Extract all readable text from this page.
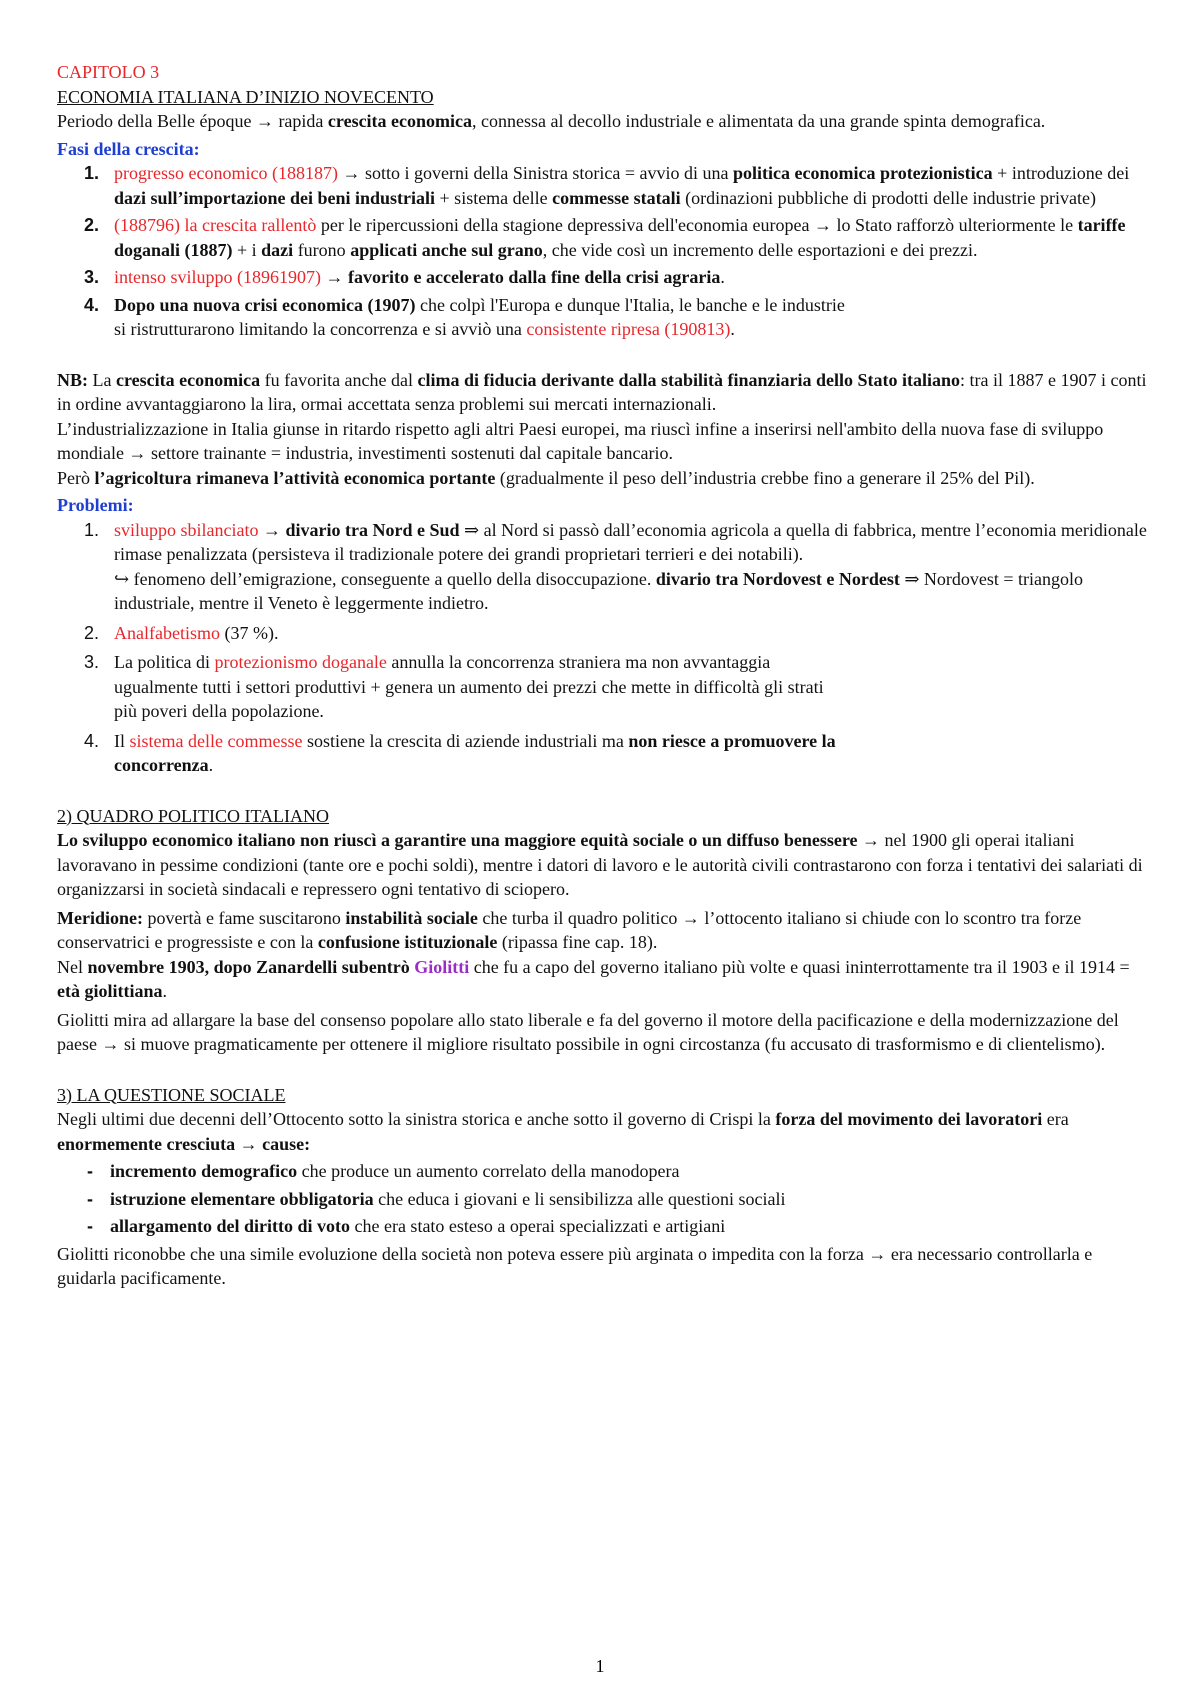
CAPITOLO 3

ECONOMIA ITALIANA D’INIZIO NOVECENTO

Periodo della Belle époque → rapida crescita economica, connessa al decollo industriale e alimentata da una grande spinta demografica.

Fasi della crescita:

1. progresso economico (188187) → sotto i governi della Sinistra storica = avvio di una politica economica protezionistica + introduzione dei dazi sull’importazione dei beni industriali + sistema delle commesse statali (ordinazioni pubbliche di prodotti delle industrie private)
2. (188796) la crescita rallentò per le ripercussioni della stagione depressiva dell'economia europea → lo Stato rafforzò ulteriormente le tariffe doganali (1887) + i dazi furono applicati anche sul grano, che vide così un incremento delle esportazioni e dei prezzi.
3. intenso sviluppo (18961907) → favorito e accelerato dalla fine della crisi agraria.
4. Dopo una nuova crisi economica (1907) che colpì l'Europa e dunque l'Italia, le banche e le industrie si ristrutturarono limitando la concorrenza e si avviò una consistente ripresa (190813).

NB: La crescita economica fu favorita anche dal clima di fiducia derivante dalla stabilità finanziaria dello Stato italiano: tra il 1887 e 1907 i conti in ordine avvantaggiarono la lira, ormai accettata senza problemi sui mercati internazionali.

L’industrializzazione in Italia giunse in ritardo rispetto agli altri Paesi europei, ma riuscì infine a inserirsi nell'ambito della nuova fase di sviluppo mondiale → settore trainante = industria, investimenti sostenuti dal capitale bancario.

Però l’agricoltura rimaneva l’attività economica portante (gradualmente il peso dell’industria crebbe fino a generare il 25% del Pil).

Problemi:

1. sviluppo sbilanciato → divario tra Nord e Sud ⇒ al Nord si passò dall’economia agricola a quella di fabbrica, mentre l’economia meridionale rimase penalizzata (persisteva il tradizionale potere dei grandi proprietari terrieri e dei notabili).
↪ fenomeno dell’emigrazione, conseguente a quello della disoccupazione. divario tra Nordovest e Nordest ⇒ Nordovest = triangolo industriale, mentre il Veneto è leggermente indietro.
2. Analfabetismo (37 %).
3. La politica di protezionismo doganale annulla la concorrenza straniera ma non avvantaggia ugualmente tutti i settori produttivi + genera un aumento dei prezzi che mette in difficoltà gli strati più poveri della popolazione.
4. Il sistema delle commesse sostiene la crescita di aziende industriali ma non riesce a promuovere la concorrenza.

2) QUADRO POLITICO ITALIANO

Lo sviluppo economico italiano non riuscì a garantire una maggiore equità sociale o un diffuso benessere → nel 1900 gli operai italiani lavoravano in pessime condizioni (tante ore e pochi soldi), mentre i datori di lavoro e le autorità civili contrastarono con forza i tentativi dei salariati di organizzarsi in società sindacali e repressero ogni tentativo di sciopero.

Meridione: povertà e fame suscitarono instabilità sociale che turba il quadro politico → l’ottocento italiano si chiude con lo scontro tra forze conservatrici e progressiste e con la confusione istituzionale (ripassa fine cap. 18).

Nel novembre 1903, dopo Zanardelli subentrò Giolitti che fu a capo del governo italiano più volte e quasi ininterrottamente tra il 1903 e il 1914 = età giolittiana.

Giolitti mira ad allargare la base del consenso popolare allo stato liberale e fa del governo il motore della pacificazione e della modernizzazione del paese → si muove pragmaticamente per ottenere il migliore risultato possibile in ogni circostanza (fu accusato di trasformismo e di clientelismo).

3) LA QUESTIONE SOCIALE

Negli ultimi due decenni dell’Ottocento sotto la sinistra storica e anche sotto il governo di Crispi la forza del movimento dei lavoratori era enormemente cresciuta → cause:

- incremento demografico che produce un aumento correlato della manodopera
- istruzione elementare obbligatoria che educa i giovani e li sensibilizza alle questioni sociali
- allargamento del diritto di voto che era stato esteso a operai specializzati e artigiani

Giolitti riconobbe che una simile evoluzione della società non poteva essere più arginata o impedita con la forza → era necessario controllarla e guidarla pacificamente.

1
